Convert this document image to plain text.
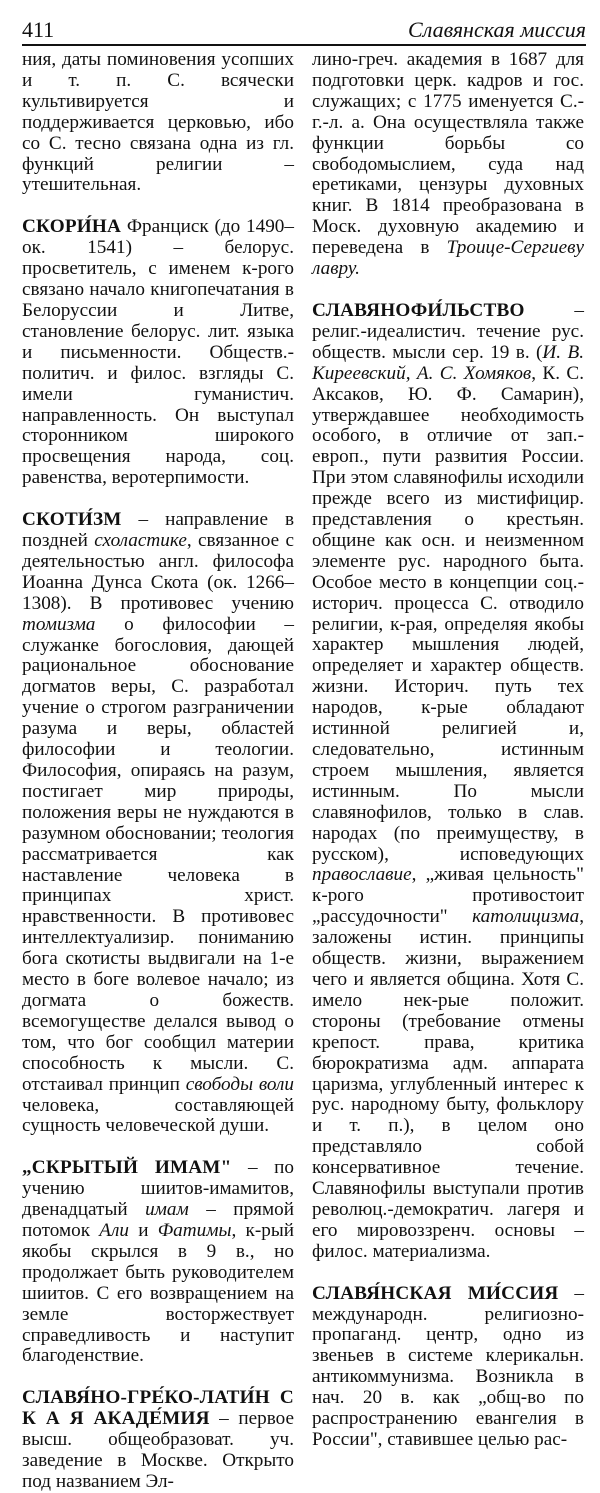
411	Славянская миссия

ния, даты поминовения усопших и т. п. С. всячески культивируется и поддерживается церковью, ибо со С. тесно связана одна из гл. функций религии – утешительная.

СКОРИ́НА Франциск (до 1490– ок. 1541) – белорус. просветитель, с именем к-рого связано начало книгопечатания в Белоруссии и Литве, становление белорус. лит. языка и письменности. Обществ.-политич. и филос. взгляды С. имели гуманистич. направленность. Он выступал сторонником широкого просвещения народа, соц. равенства, веротерпимости.

СКОТИ́ЗМ – направление в поздней схоластике, связанное с деятельностью англ. философа Иоанна Дунса Скота (ок. 1266–1308). В противовес учению томизма о философии – служанке богословия, дающей рациональное обоснование догматов веры, С. разработал учение о строгом разграничении разума и веры, областей философии и теологии. Философия, опираясь на разум, постигает мир природы, положения веры не нуждаются в разумном обосновании; теология рассматривается как наставление человека в принципах христ. нравственности. В противовес интеллектуализир. пониманию бога скотисты выдвигали на 1-е место в боге волевое начало; из догмата о божеств. всемогуществе делался вывод о том, что бог сообщил материи способность к мысли. С. отстаивал принцип свободы воли человека, составляющей сущность человеческой души.

„СКРЫТЫЙ ИМАМ" – по учению шиитов-имамитов, двенадцатый имам – прямой потомок Али и Фатимы, к-рый якобы скрылся в 9 в., но продолжает быть руководителем шиитов. С его возвращением на земле восторжествует справедливость и наступит благоденствие.

СЛАВЯ́НО-ГРЕ́КО-ЛАТИ́Н С К А Я АКАДЕ́МИЯ – первое высш. общеобразоват. уч. заведение в Москве. Открыто под названием Эл-

лино-греч. академия в 1687 для подготовки церк. кадров и гос. служащих; с 1775 именуется С.-г.-л. а. Она осуществляла также функции борьбы со свободомыслием, суда над еретиками, цензуры духовных книг. В 1814 преобразована в Моск. духовную академию и переведена в Троице-Сергиеву лавру.

СЛАВЯНОФИ́ЛЬСТВО – религ.-идеалистич. течение рус. обществ. мысли сер. 19 в. (И. В. Киреевский, А. С. Хомяков, К. С. Аксаков, Ю. Ф. Самарин), утверждавшее необходимость особого, в отличие от зап.-европ., пути развития России. При этом славянофилы исходили прежде всего из мистифицир. представления о крестьян. общине как осн. и неизменном элементе рус. народного быта. Особое место в концепции соц.-историч. процесса С. отводило религии, к-рая, определяя якобы характер мышления людей, определяет и характер обществ. жизни. Историч. путь тех народов, к-рые обладают истинной религией и, следовательно, истинным строем мышления, является истинным. По мысли славянофилов, только в слав. народах (по преимуществу, в русском), исповедующих православие, „живая цельность" к-рого противостоит „рассудочности" католицизма, заложены истин. принципы обществ. жизни, выражением чего и является община. Хотя С. имело нек-рые положит. стороны (требование отмены крепост. права, критика бюрократизма адм. аппарата царизма, углубленный интерес к рус. народному быту, фольклору и т. п.), в целом оно представляло собой консервативное течение. Славянофилы выступали против революц.-демократич. лагеря и его мировоззренч. основы – филос. материализма.

СЛАВЯ́НСКАЯ МИ́ССИЯ – международн. религиозно-пропаганд. центр, одно из звеньев в системе клерикальн. антикоммунизма. Возникла в нач. 20 в. как „общ-во по распространению евангелия в России", ставившее целью рас-
